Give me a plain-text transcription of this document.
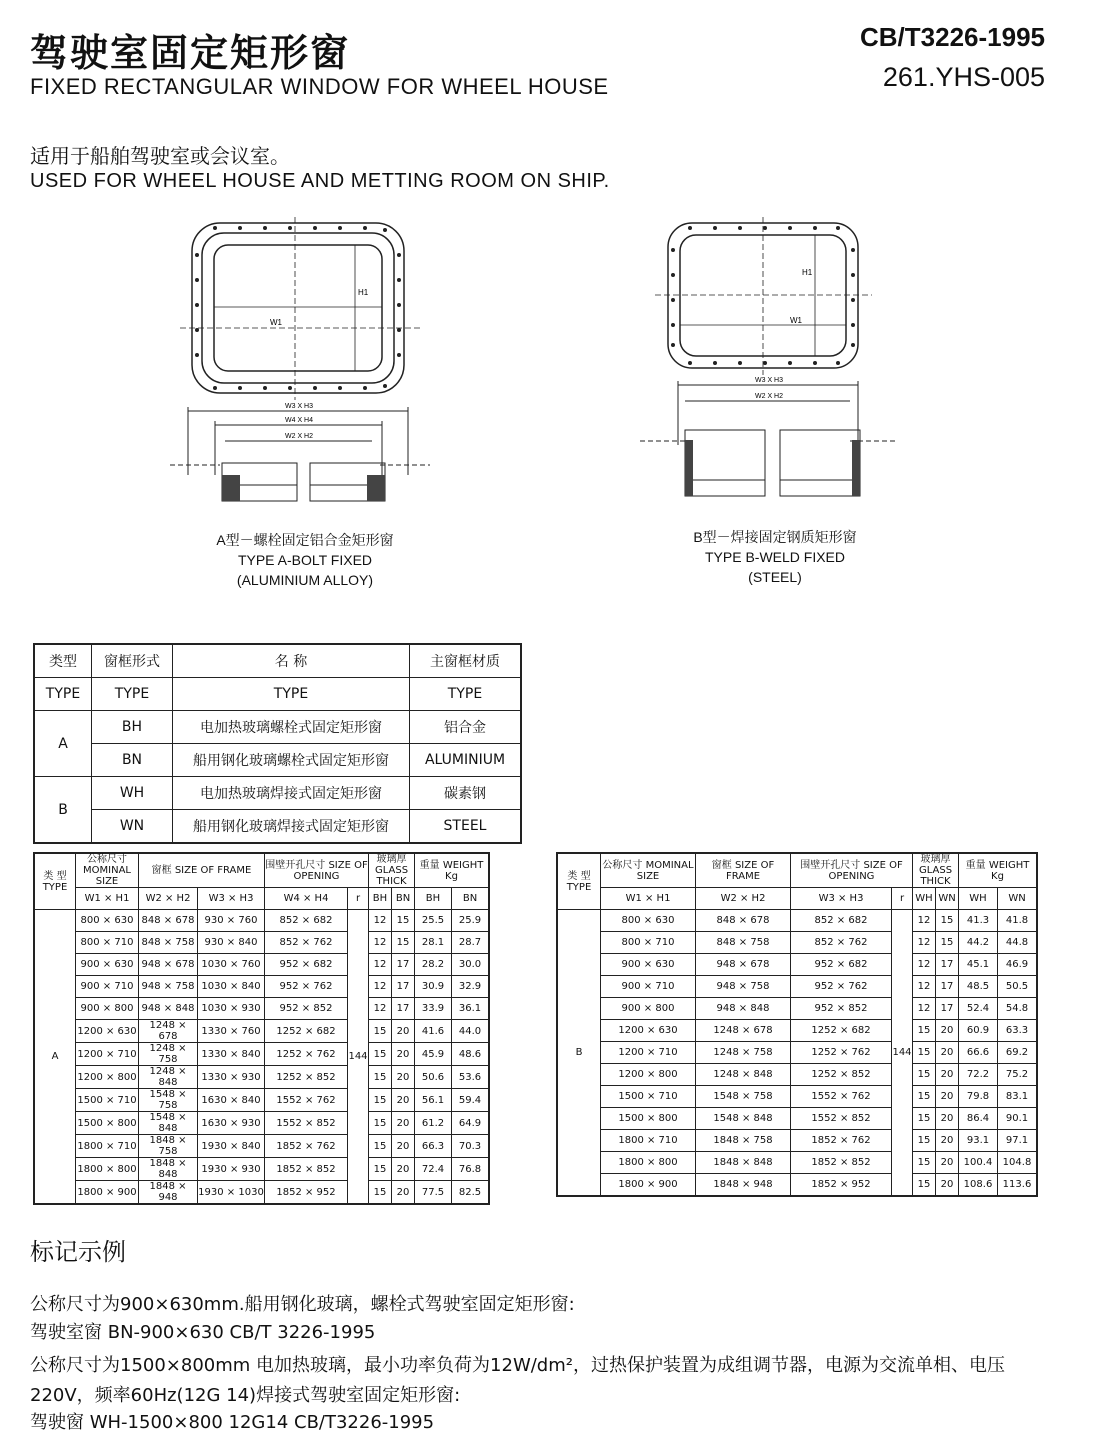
驾驶室固定矩形窗
FIXED RECTANGULAR WINDOW FOR WHEEL HOUSE
CB/T3226-1995
261.YHS-005
适用于船舶驾驶室或会议室。
USED FOR WHEEL HOUSE AND METTING ROOM ON SHIP.
W1
H1
W3 X H3
W4 X H4
W2 X H2
A型－螺栓固定铝合金矩形窗
TYPE A-BOLT FIXED
(ALUMINIUM ALLOY)
W1
H1
W3 X H3
W2 X H2
B型－焊接固定钢质矩形窗
TYPE B-WELD FIXED
(STEEL)
类型	窗框形式	名 称	主窗框材质
TYPE	TYPE	TYPE	TYPE
A	BH	电加热玻璃螺栓式固定矩形窗	铝合金
	BN	船用钢化玻璃螺栓式固定矩形窗	ALUMINIUM
B	WH	电加热玻璃焊接式固定矩形窗	碳素钢
	WN	船用钢化玻璃焊接式固定矩形窗	STEEL
类 型 TYPE	公称尺寸 MOMINAL SIZE	窗框 SIZE OF FRAME		围壁开孔尺寸 SIZE OF OPENING		玻璃厚 GLASS THICK		重量 WEIGHT Kg	
	W1 × H1	W2 × H2	W3 × H3	W4 × H4	r	BH	BN	BH	BN
A	800 × 630	848 × 678	930 × 760	852 × 682	144	12	15	25.5	25.9
	800 × 710	848 × 758	930 × 840	852 × 762		12	15	28.1	28.7
	900 × 630	948 × 678	1030 × 760	952 × 682		12	17	28.2	30.0
	900 × 710	948 × 758	1030 × 840	952 × 762		12	17	30.9	32.9
	900 × 800	948 × 848	1030 × 930	952 × 852		12	17	33.9	36.1
	1200 × 630	1248 × 678	1330 × 760	1252 × 682		15	20	41.6	44.0
	1200 × 710	1248 × 758	1330 × 840	1252 × 762		15	20	45.9	48.6
	1200 × 800	1248 × 848	1330 × 930	1252 × 852		15	20	50.6	53.6
	1500 × 710	1548 × 758	1630 × 840	1552 × 762		15	20	56.1	59.4
	1500 × 800	1548 × 848	1630 × 930	1552 × 852		15	20	61.2	64.9
	1800 × 710	1848 × 758	1930 × 840	1852 × 762		15	20	66.3	70.3
	1800 × 800	1848 × 848	1930 × 930	1852 × 852		15	20	72.4	76.8
	1800 × 900	1848 × 948	1930 × 1030	1852 × 952		15	20	77.5	82.5
类 型 TYPE	公称尺寸 MOMINAL SIZE	窗框 SIZE OF FRAME	围壁开孔尺寸 SIZE OF OPENING		玻璃厚 GLASS THICK		重量 WEIGHT Kg	
	W1 × H1	W2 × H2	W3 × H3	r	WH	WN	WH	WN
B	800 × 630	848 × 678	852 × 682	144	12	15	41.3	41.8
	800 × 710	848 × 758	852 × 762		12	15	44.2	44.8
	900 × 630	948 × 678	952 × 682		12	17	45.1	46.9
	900 × 710	948 × 758	952 × 762		12	17	48.5	50.5
	900 × 800	948 × 848	952 × 852		12	17	52.4	54.8
	1200 × 630	1248 × 678	1252 × 682		15	20	60.9	63.3
	1200 × 710	1248 × 758	1252 × 762		15	20	66.6	69.2
	1200 × 800	1248 × 848	1252 × 852		15	20	72.2	75.2
	1500 × 710	1548 × 758	1552 × 762		15	20	79.8	83.1
	1500 × 800	1548 × 848	1552 × 852		15	20	86.4	90.1
	1800 × 710	1848 × 758	1852 × 762		15	20	93.1	97.1
	1800 × 800	1848 × 848	1852 × 852		15	20	100.4	104.8
	1800 × 900	1848 × 948	1852 × 952		15	20	108.6	113.6
标记示例
公称尺寸为900×630mm.船用钢化玻璃，螺栓式驾驶室固定矩形窗:
驾驶室窗 BN-900×630 CB/T 3226-1995
公称尺寸为1500×800mm 电加热玻璃，最小功率负荷为12W/dm²，过热保护装置为成组调节器，电源为交流单相、电压
220V，频率60Hz(12G 14)焊接式驾驶室固定矩形窗:
驾驶窗 WH-1500×800 12G14 CB/T3226-1995
